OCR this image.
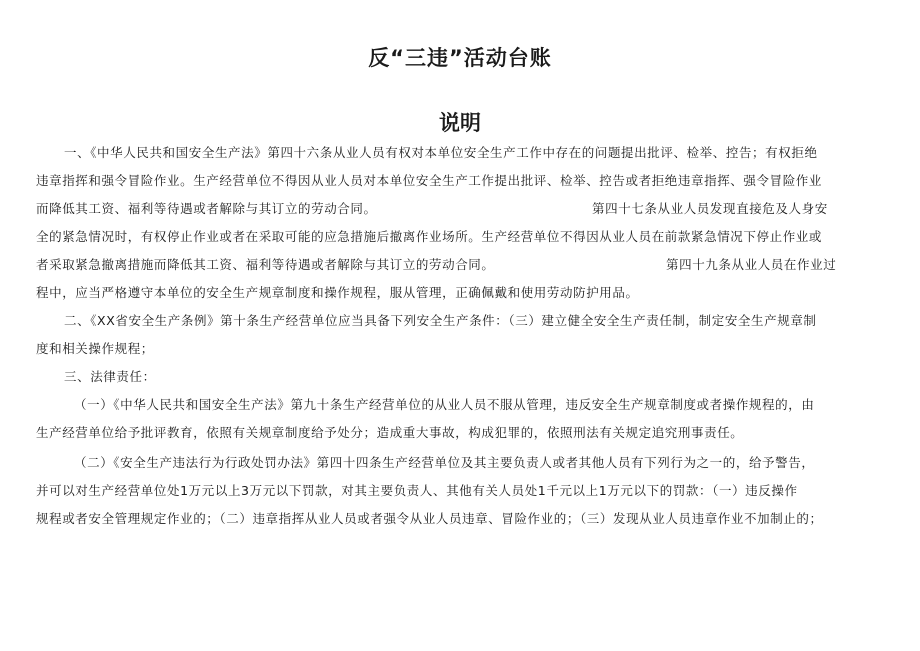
反“三违”活动台账
说明
一、《中华人民共和国安全生产法》第四十六条从业人员有权对本单位安全生产工作中存在的问题提出批评、检举、控告；有权拒绝
违章指挥和强令冒险作业。生产经营单位不得因从业人员对本单位安全生产工作提出批评、检举、控告或者拒绝违章指挥、强令冒险作业
而降低其工资、福利等待遇或者解除与其订立的劳动合同。	第四十七条从业人员发现直接危及人身安
全的紧急情况时，有权停止作业或者在采取可能的应急措施后撤离作业场所。生产经营单位不得因从业人员在前款紧急情况下停止作业或
者采取紧急撤离措施而降低其工资、福利等待遇或者解除与其订立的劳动合同。	第四十九条从业人员在作业过
程中，应当严格遵守本单位的安全生产规章制度和操作规程，服从管理，正确佩戴和使用劳动防护用品。
二、《XX省安全生产条例》第十条生产经营单位应当具备下列安全生产条件：（三）建立健全安全生产责任制，制定安全生产规章制
度和相关操作规程；
三、法律责任：
（一）《中华人民共和国安全生产法》第九十条生产经营单位的从业人员不服从管理，违反安全生产规章制度或者操作规程的，由
生产经营单位给予批评教育，依照有关规章制度给予处分；造成重大事故，构成犯罪的，依照刑法有关规定追究刑事责任。
（二）《安全生产违法行为行政处罚办法》第四十四条生产经营单位及其主要负责人或者其他人员有下列行为之一的，给予警告，
并可以对生产经营单位处1万元以上3万元以下罚款，对其主要负责人、其他有关人员处1千元以上1万元以下的罚款：（一）违反操作
规程或者安全管理规定作业的；（二）违章指挥从业人员或者强令从业人员违章、冒险作业的；（三）发现从业人员违章作业不加制止的；
